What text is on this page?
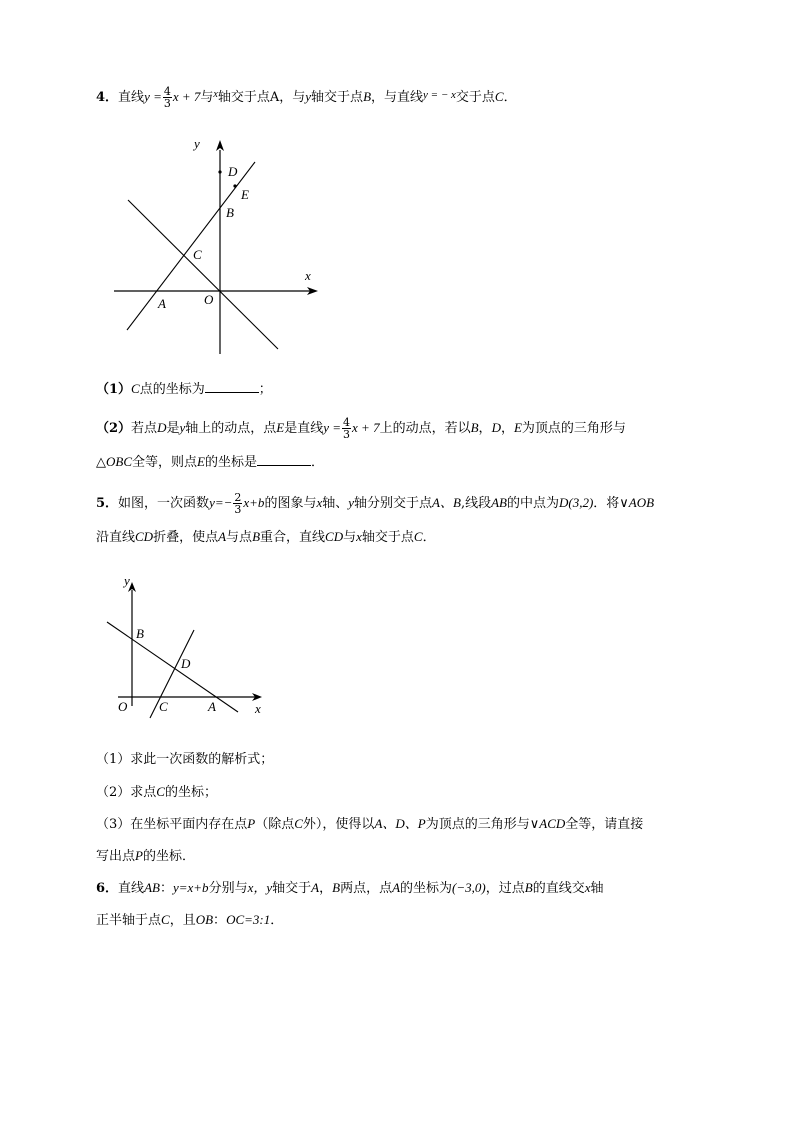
4．直线$y = \frac{4}{3}$ x + 7与$^x$轴交于点A，与y轴交于点B，与直线$^{y = - x}$交于点C．
y
x
D
E
B
C
A	O
（1）C点的坐标为	；
（2）若点D是y轴上的动点，点E是直线$y = \frac{4}{3}$ x + 7上的动点，若以B，D，E为顶点的三角形与
△OBC全等，则点E的坐标是	．
5．如图，一次函数$y=- \frac{2}{3} x+b$的图象与x轴、y轴分别交于点A、B,线段AB的中点为D(3,2)．将∨AOB
沿直线CD折叠，使点A与点B重合，直线CD与x轴交于点C．
y
x
B
D
O C	A
（1）求此一次函数的解析式；
（2）求点C的坐标；
（3）在坐标平面内存在点P（除点C外），使得以A、D、P为顶点的三角形与∨ACD全等，请直接
写出点P的坐标．
6．直线AB：y=x+b分别与x，y轴交于A，B两点，点A的坐标为(−3,0)，过点B的直线交x轴
正半轴于点C，且OB：OC=3:1．
